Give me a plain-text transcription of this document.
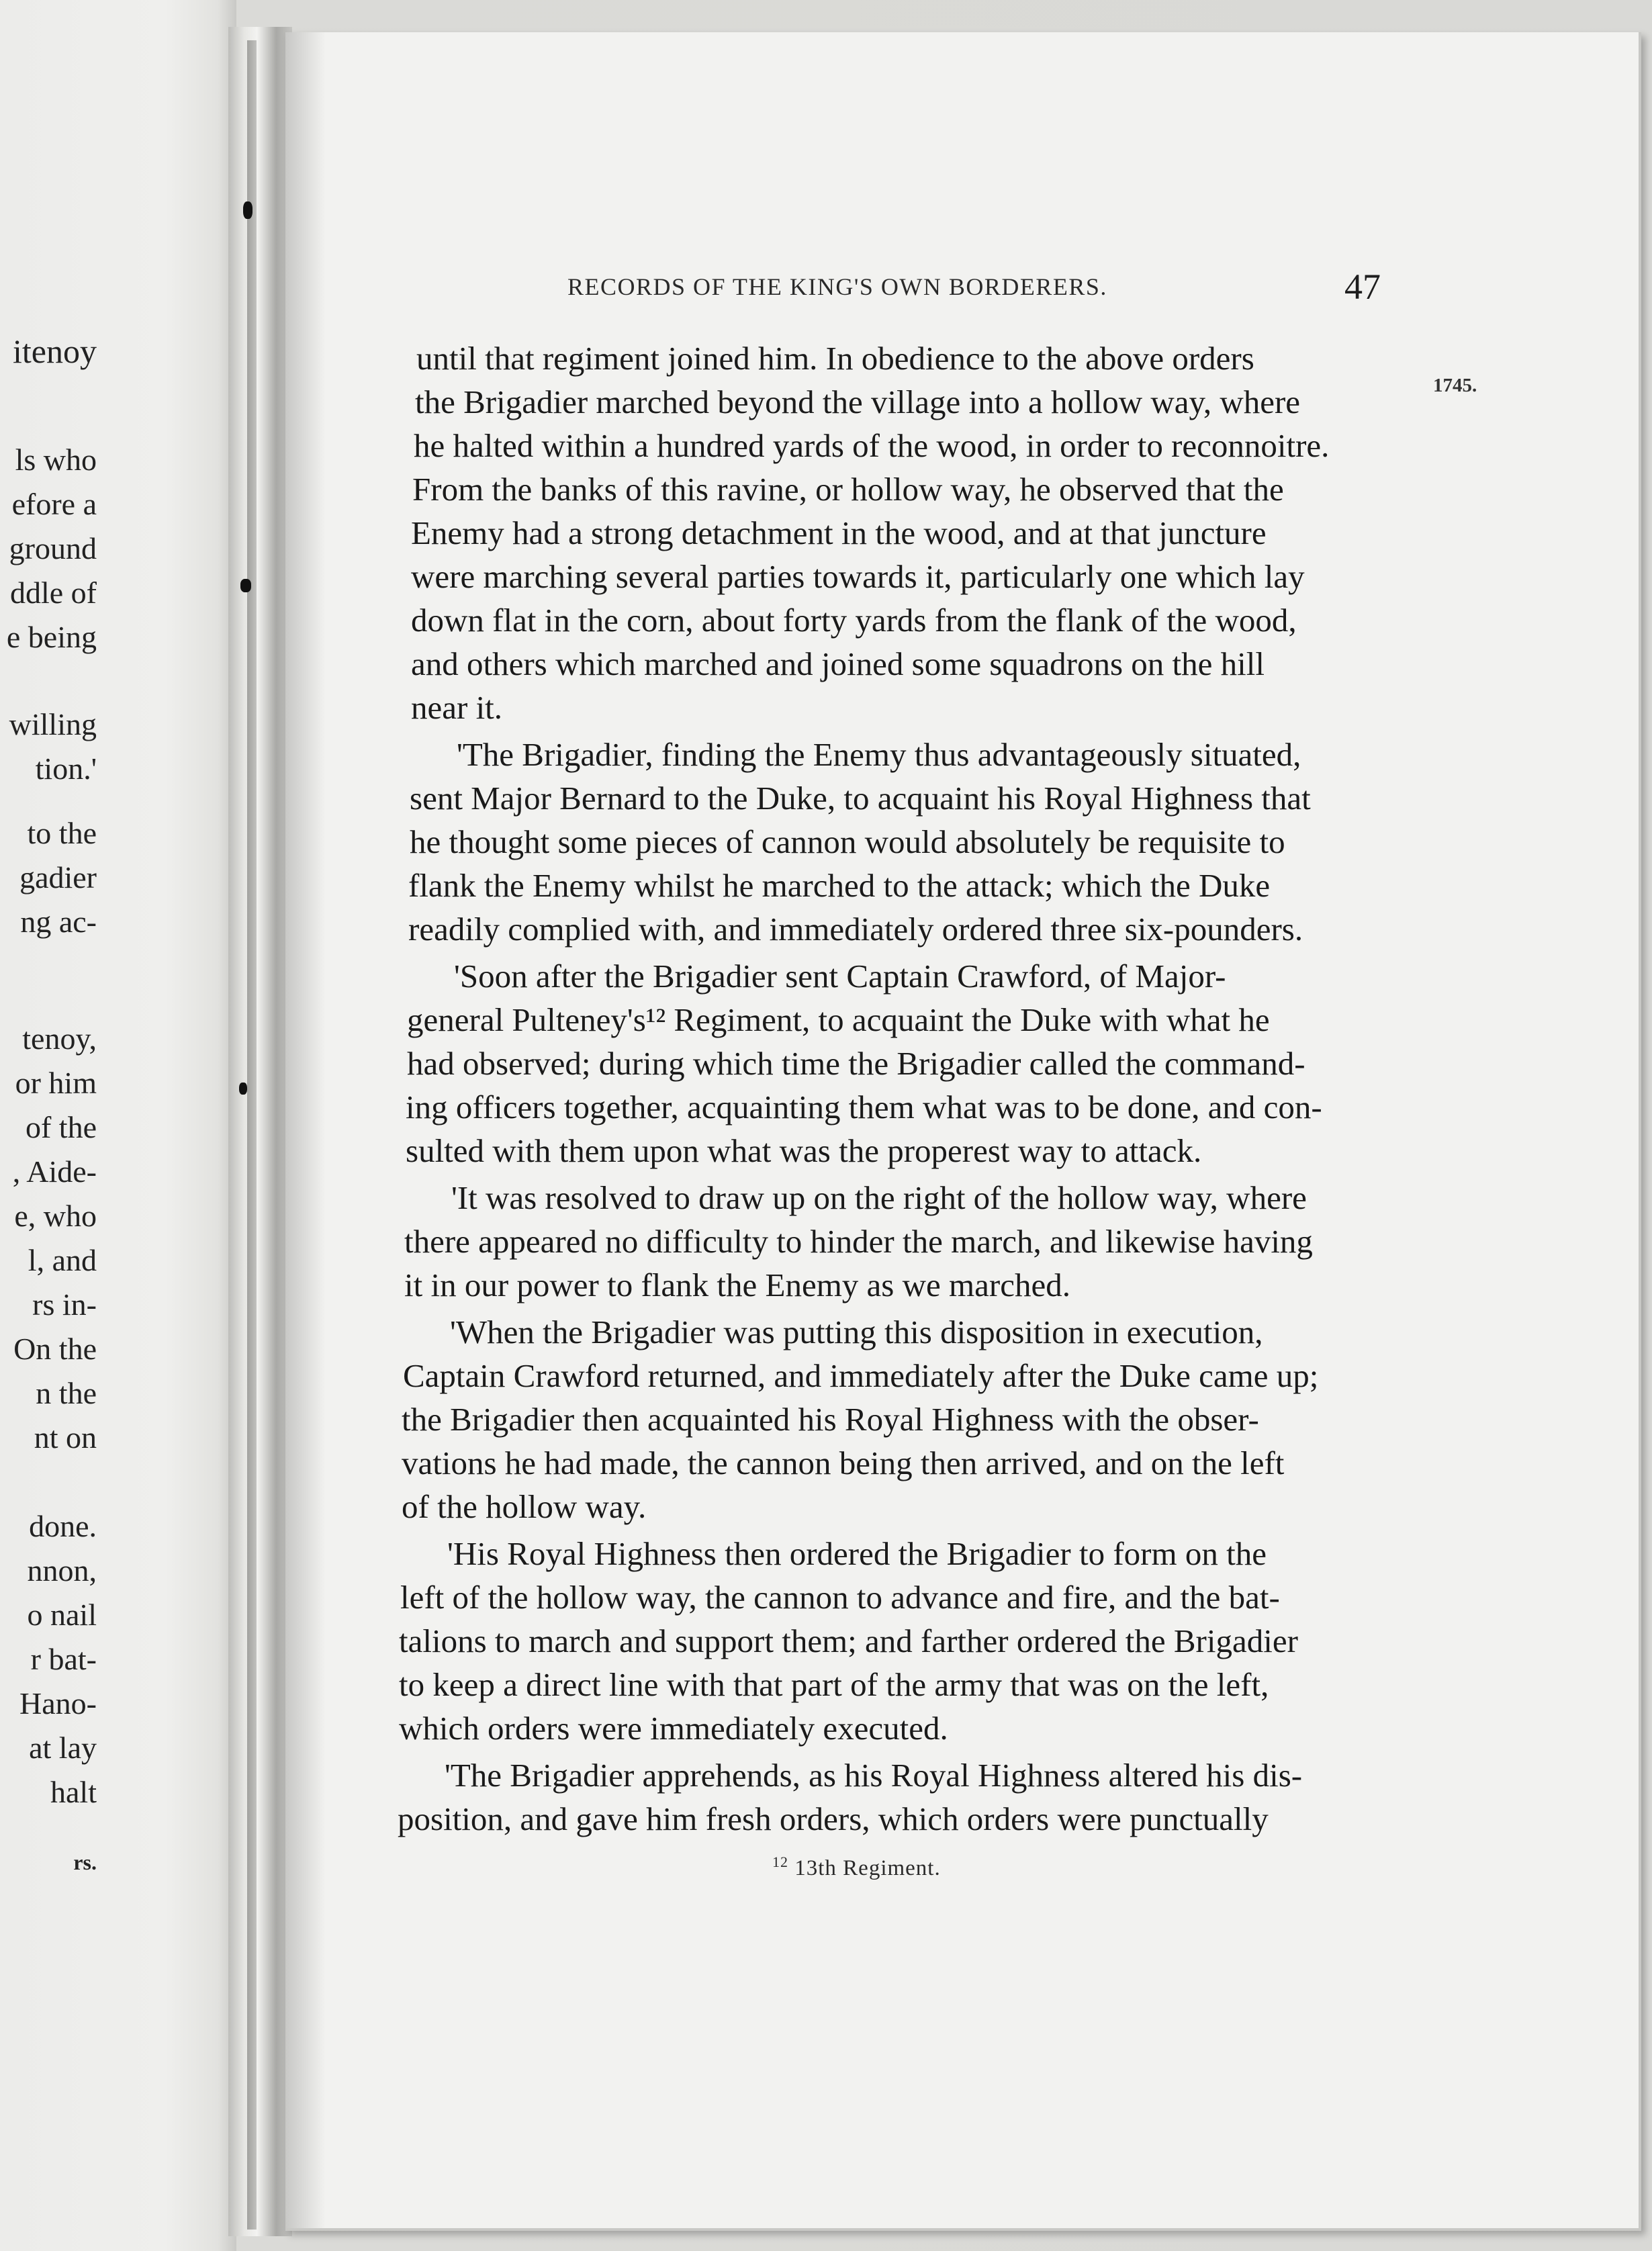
itenoy
ls who
efore a
ground
ddle of
e being
willing
tion.'
to the
gadier
ng ac-
tenoy,
or him
of the
, Aide-
e, who
l, and
rs in-
On the
n the
nt on
done.
nnon,
o nail
r bat-
Hano-
at lay
halt
rs.
RECORDS OF THE KING'S OWN BORDERERS.	47
1745.
until that regiment joined him. In obedience to the above orders
the Brigadier marched beyond the village into a hollow way, where
he halted within a hundred yards of the wood, in order to reconnoitre.
From the banks of this ravine, or hollow way, he observed that the
Enemy had a strong detachment in the wood, and at that juncture
were marching several parties towards it, particularly one which lay
down flat in the corn, about forty yards from the flank of the wood,
and others which marched and joined some squadrons on the hill
near it.
'The Brigadier, finding the Enemy thus advantageously situated,
sent Major Bernard to the Duke, to acquaint his Royal Highness that
he thought some pieces of cannon would absolutely be requisite to
flank the Enemy whilst he marched to the attack; which the Duke
readily complied with, and immediately ordered three six-pounders.
'Soon after the Brigadier sent Captain Crawford, of Major-
general Pulteney's¹² Regiment, to acquaint the Duke with what he
had observed; during which time the Brigadier called the command-
ing officers together, acquainting them what was to be done, and con-
sulted with them upon what was the properest way to attack.
'It was resolved to draw up on the right of the hollow way, where
there appeared no difficulty to hinder the march, and likewise having
it in our power to flank the Enemy as we marched.
'When the Brigadier was putting this disposition in execution,
Captain Crawford returned, and immediately after the Duke came up;
the Brigadier then acquainted his Royal Highness with the obser-
vations he had made, the cannon being then arrived, and on the left
of the hollow way.
'His Royal Highness then ordered the Brigadier to form on the
left of the hollow way, the cannon to advance and fire, and the bat-
talions to march and support them; and farther ordered the Brigadier
to keep a direct line with that part of the army that was on the left,
which orders were immediately executed.
'The Brigadier apprehends, as his Royal Highness altered his dis-
position, and gave him fresh orders, which orders were punctually
$^{12}$ 13th Regiment.
